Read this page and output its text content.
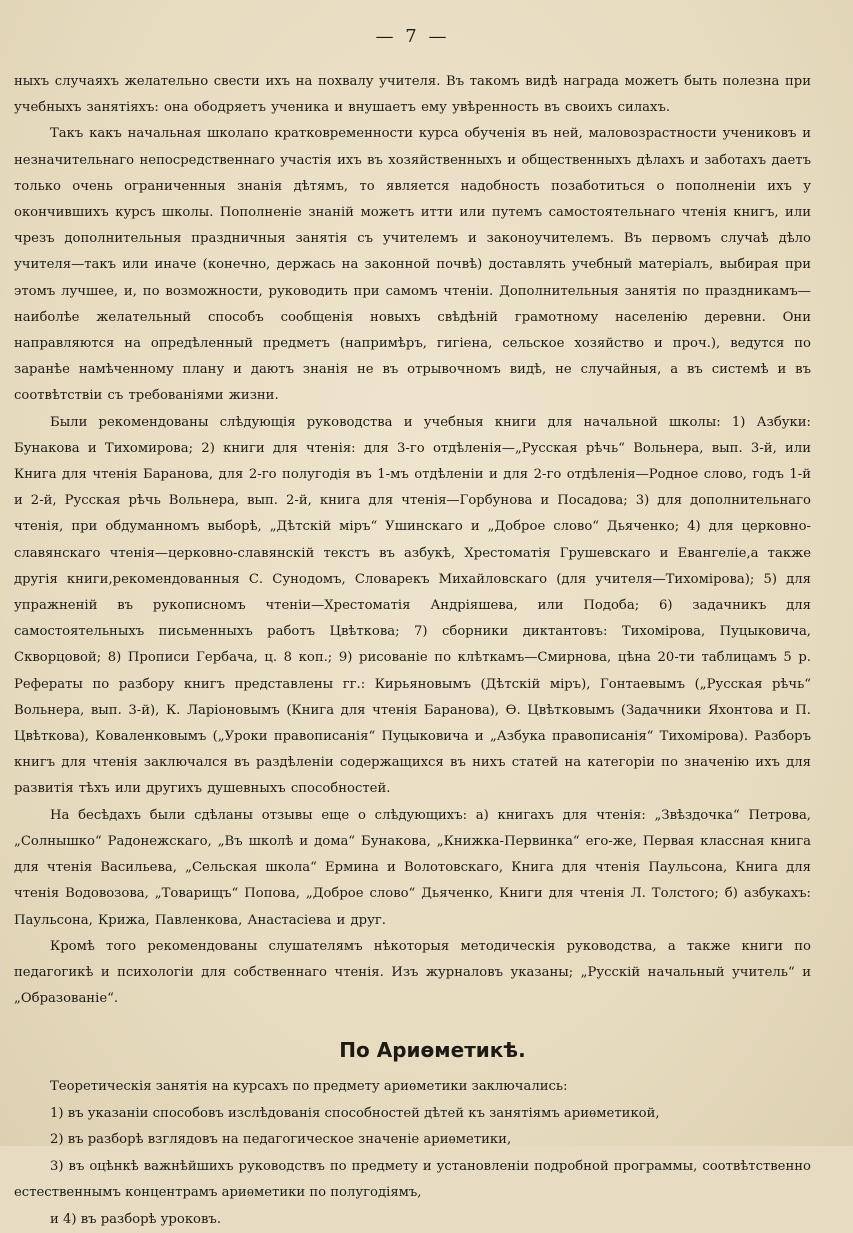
— 7 —

ныхъ случаяхъ желательно свести ихъ на похвалу учителя. Въ такомъ видѣ награда можетъ быть полезна при учебныхъ занятіяхъ: она ободряетъ ученика и внушаетъ ему увѣренность въ своихъ силахъ.

Такъ какъ начальная школапо кратковременности курса обученія въ ней, маловозрастности учениковъ и незначительнаго непосредственнаго участія ихъ въ хозяйственныхъ и общественныхъ дѣлахъ и заботахъ даетъ только очень ограниченныя знанія дѣтямъ, то является надобность позаботиться о пополненіи ихъ у окончившихъ курсъ школы. Пополненіе знаній можетъ итти или путемъ самостоятельнаго чтенія книгъ, или чрезъ дополнительныя праздничныя занятія съ учителемъ и законоучителемъ. Въ первомъ случаѣ дѣло учителя—такъ или иначе (конечно, держась на законной почвѣ) доставлять учебный матеріалъ, выбирая при этомъ лучшее, и, по возможности, руководить при самомъ чтеніи. Дополнительныя занятія по праздникамъ—наиболѣе желательный способъ сообщенія новыхъ свѣдѣній грамотному населенію деревни. Они направляются на опредѣленный предметъ (напримѣръ, гигіена, сельское хозяйство и проч.), ведутся по заранѣе намѣченному плану и даютъ знанія не въ отрывочномъ видѣ, не случайныя, а въ системѣ и въ соотвѣтствіи съ требованіями жизни.

Были рекомендованы слѣдующія руководства и учебныя книги для начальной школы: 1) Азбуки: Бунакова и Тихомирова; 2) книги для чтенія: для 3-го отдѣленія—„Русская рѣчь“ Вольнера, вып. 3-й, или Книга для чтенія Баранова, для 2-го полугодія въ 1-мъ отдѣленіи и для 2-го отдѣленія—Родное слово, годъ 1-й и 2-й, Русская рѣчь Вольнера, вып. 2-й, книга для чтенія—Горбунова и Посадова; 3) для дополнительнаго чтенія, при обдуманномъ выборѣ, „Дѣтскій міръ“ Ушинскаго и „Доброе слово“ Дьяченко; 4) для церковно-славянскаго чтенія—церковно-славянскій текстъ въ азбукѣ, Хрестоматія Грушевскаго и Евангеліе,а также другія книги,рекомендованныя С. Сунодомъ, Словарекъ Михайловскаго (для учителя—Тихомірова); 5) для упражненій въ рукописномъ чтеніи—Хрестоматія Андріяшева, или Подоба; 6) задачникъ для самостоятельныхъ письменныхъ работъ Цвѣткова; 7) сборники диктантовъ: Тихомірова, Пуцыковича, Скворцовой; 8) Прописи Гербача, ц. 8 коп.; 9) рисованіе по клѣткамъ—Смирнова, цѣна 20-ти таблицамъ 5 р. Рефераты по разбору книгъ представлены гг.: Кирьяновымъ (Дѣтскій міръ), Гонтаевымъ („Русская рѣчь“ Вольнера, вып. 3-й), К. Ларіоновымъ (Книга для чтенія Баранова), Ѳ. Цвѣтковымъ (Задачники Яхонтова и П. Цвѣткова), Коваленковымъ („Уроки правописанія“ Пуцыковича и „Азбука правописанія“ Тихомірова). Разборъ книгъ для чтенія заключался въ раздѣленіи содержащихся въ нихъ статей на категоріи по значенію ихъ для развитія тѣхъ или другихъ душевныхъ способностей.

На бесѣдахъ были сдѣланы отзывы еще о слѣдующихъ: а) книгахъ для чтенія: „Звѣздочка“ Петрова, „Солнышко“ Радонежскаго, „Въ школѣ и дома“ Бунакова, „Книжка-Первинка“ его-же, Первая классная книга для чтенія Васильева, „Сельская школа“ Ермина и Волотовскаго, Книга для чтенія Паульсона, Книга для чтенія Водовозова, „Товарищъ“ Попова, „Доброе слово“ Дьяченко, Книги для чтенія Л. Толстого; б) азбукахъ: Паульсона, Крижа, Павленкова, Анастасіева и друг.

Кромѣ того рекомендованы слушателямъ нѣкоторыя методическія руководства, а также книги по педагогикѣ и психологіи для собственнаго чтенія. Изъ журналовъ указаны; „Русскій начальный учитель“ и „Образованіе“.

По Ариѳметикѣ.

Теоретическія занятія на курсахъ по предмету ариѳметики заключались:

1) въ указаніи способовъ изслѣдованія способностей дѣтей къ занятіямъ ариѳметикой,

2) въ разборѣ взглядовъ на педагогическое значеніе ариѳметики,

3) въ оцѣнкѣ важнѣйшихъ руководствъ по предмету и установленіи подробной программы, соотвѣтственно естественнымъ концентрамъ ариѳметики по полугодіямъ,

и 4) въ разборѣ уроковъ.
